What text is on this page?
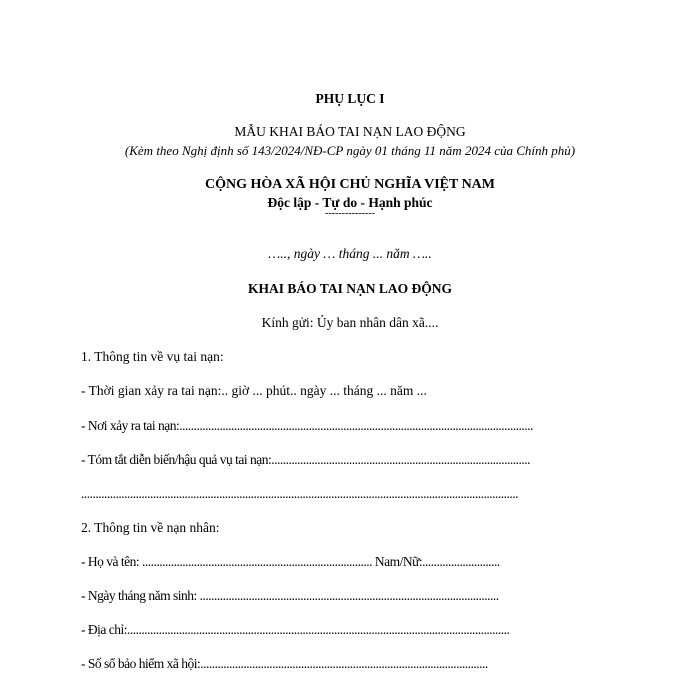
PHỤ LỤC I
MẪU KHAI BÁO TAI NẠN LAO ĐỘNG
(Kèm theo Nghị định số 143/2024/NĐ-CP ngày 01 tháng 11 năm 2024 của Chính phủ)
CỘNG HÒA XÃ HỘI CHỦ NGHĨA VIỆT NAM
Độc lập - Tự do - Hạnh phúc
---------------
….., ngày … tháng ... năm …..
KHAI BÁO TAI NẠN LAO ĐỘNG
Kính gửi: Ủy ban nhân dân xã....
1. Thông tin về vụ tai nạn:
- Thời gian xảy ra tai nạn:.. giờ ... phút.. ngày ... tháng ... năm ...
- Nơi xảy ra tai nạn:...........................................................................................................................
- Tóm tắt diễn biến/hậu quả vụ tai nạn:..........................................................................................
........................................................................................................................................................
2. Thông tin về nạn nhân:
- Họ và tên: ................................................................................ Nam/Nữ:...........................
- Ngày tháng năm sinh: ........................................................................................................
- Địa chỉ:.....................................................................................................................................
- Số sổ bảo hiểm xã hội:....................................................................................................
